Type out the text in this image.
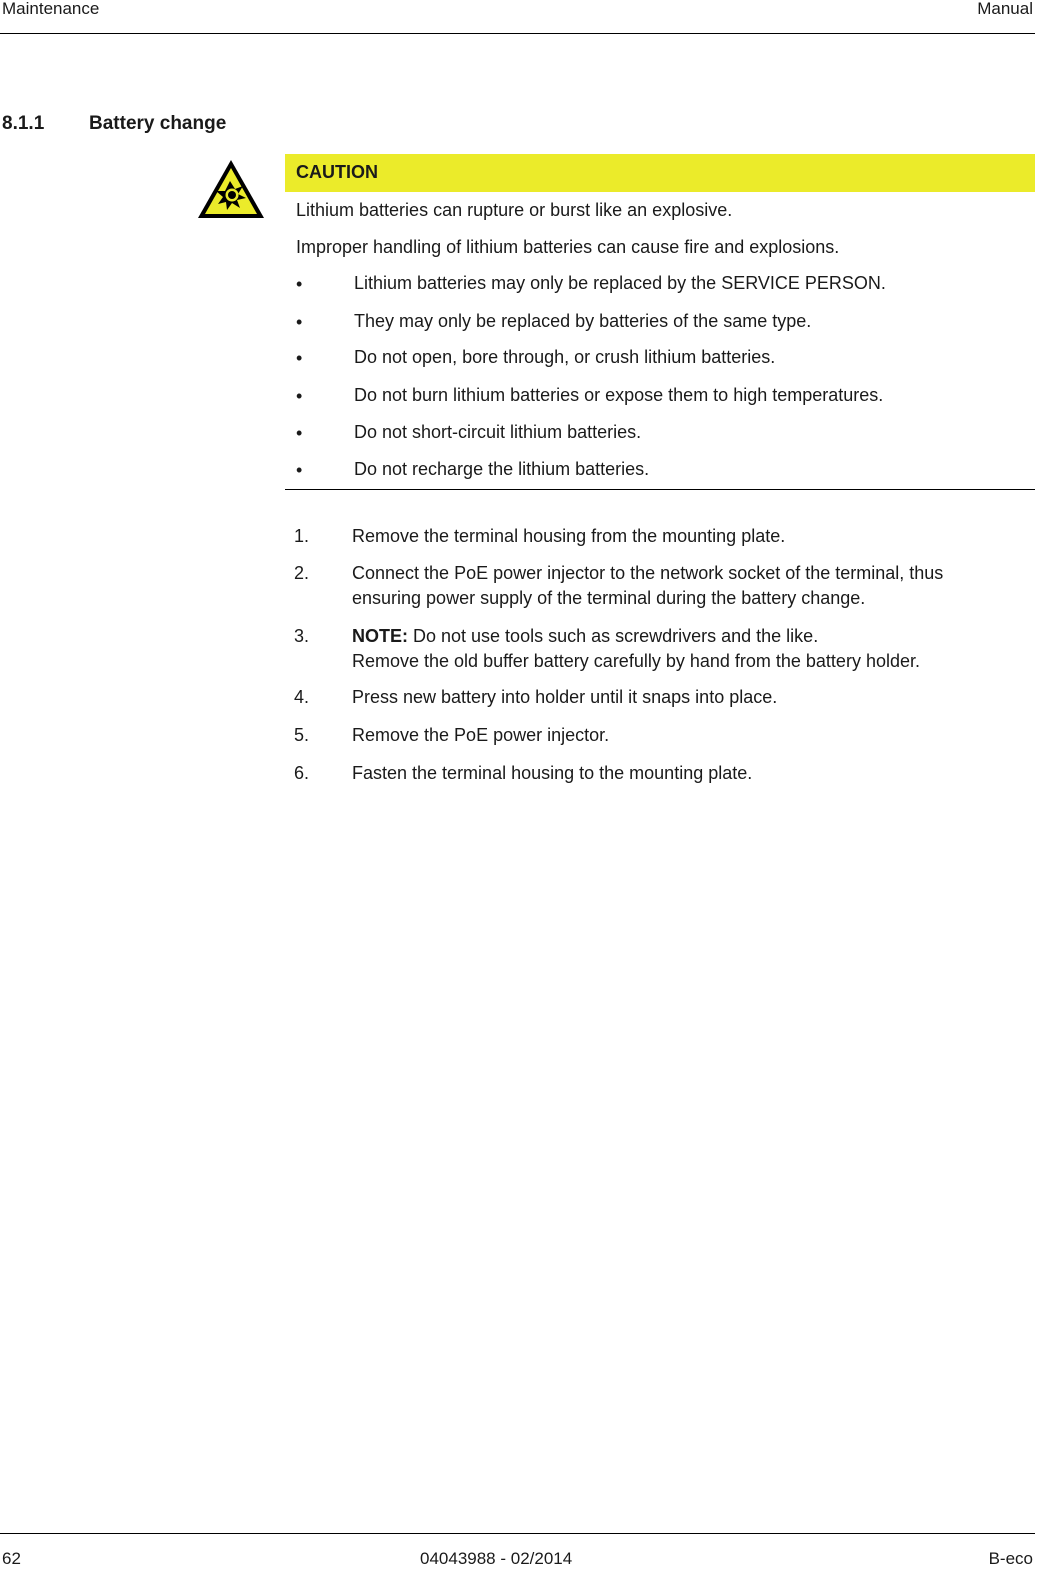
Maintenance	Manual
8.1.1 Battery change
CAUTION
Lithium batteries can rupture or burst like an explosive.
Improper handling of lithium batteries can cause fire and explosions.
•	Lithium batteries may only be replaced by the SERVICE PERSON.
•	They may only be replaced by batteries of the same type.
•	Do not open, bore through, or crush lithium batteries.
•	Do not burn lithium batteries or expose them to high temperatures.
•	Do not short-circuit lithium batteries.
•	Do not recharge the lithium batteries.
1. Remove the terminal housing from the mounting plate.
2. Connect the PoE power injector to the network socket of the terminal, thus
ensuring power supply of the terminal during the battery change.
3. NOTE: Do not use tools such as screwdrivers and the like.
Remove the old buffer battery carefully by hand from the battery holder.
4. Press new battery into holder until it snaps into place.
5. Remove the PoE power injector.
6. Fasten the terminal housing to the mounting plate.
62	04043988 - 02/2014	B-eco
